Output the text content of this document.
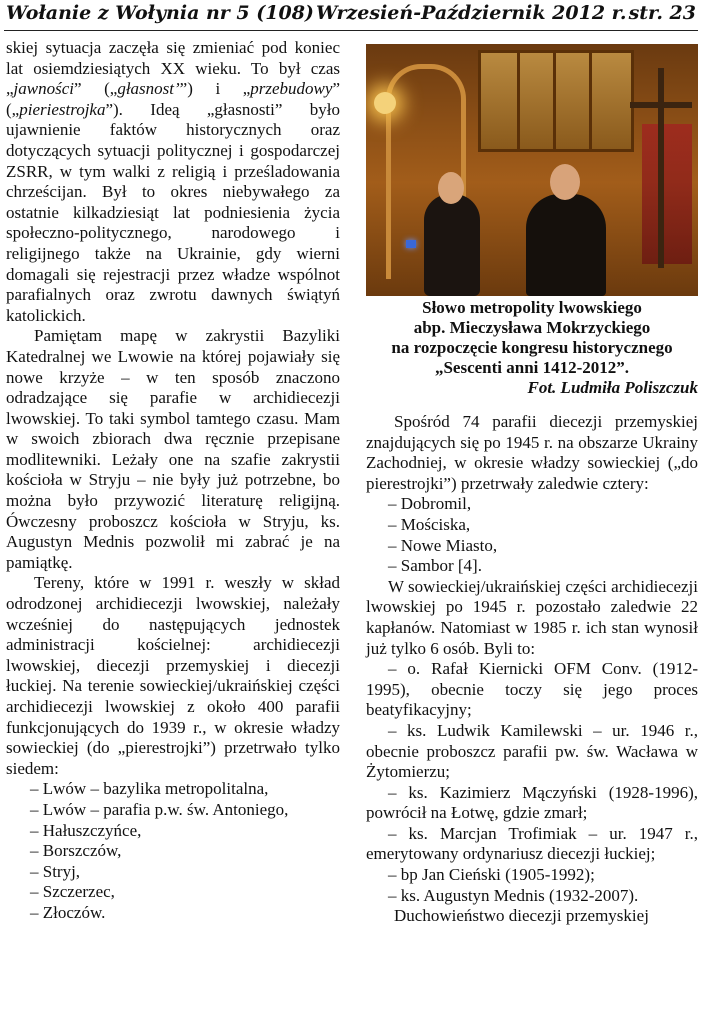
Wołanie z Wołynia nr 5 (108) Wrzesień-Październik 2012 r. str. 23

skiej sytuacja zaczęła się zmieniać pod koniec lat osiemdziesiątych XX wieku. To był czas „jawności” („głasnost’”) i „przebudowy” („pieriestrojka”). Ideą „głasnosti” było ujawnienie faktów historycznych oraz dotyczących sytuacji politycznej i gospodarczej ZSRR, w tym walki z religią i prześladowania chrześcijan. Był to okres niebywałego za ostatnie kilkadziesiąt lat podniesienia życia społeczno-politycznego, narodowego i religijnego także na Ukrainie, gdy wierni domagali się rejestracji przez władze wspólnot parafialnych oraz zwrotu dawnych świątyń katolickich.

Pamiętam mapę w zakrystii Bazyliki Katedralnej we Lwowie na której pojawiały się nowe krzyże – w ten sposób znaczono odradzające się parafie w archidiecezji lwowskiej. To taki symbol tamtego czasu. Mam w swoich zbiorach dwa ręcznie przepisane modlitewniki. Leżały one na szafie zakrystii kościoła w Stryju – nie były już potrzebne, bo można było przywozić literaturę religijną. Ówczesny proboszcz kościoła w Stryju, ks. Augustyn Mednis pozwolił mi zabrać je na pamiątkę.

Tereny, które w 1991 r. weszły w skład odrodzonej archidiecezji lwowskiej, należały wcześniej do następujących jednostek administracji kościelnej: archidiecezji lwowskiej, diecezji przemyskiej i diecezji łuckiej. Na terenie sowieckiej/ukraińskiej części archidiecezji lwowskiej z około 400 parafii funkcjonujących do 1939 r., w okresie władzy sowieckiej (do „pierestrojki”) przetrwało tylko siedem:

– Lwów – bazylika metropolitalna,
– Lwów – parafia p.w. św. Antoniego,
– Hałuszczyńce,
– Borszczów,
– Stryj,
– Szczerzec,
– Złoczów.
Słowo metropolity lwowskiego
abp. Mieczysława Mokrzyckiego
na rozpoczęcie kongresu historycznego
„Sescenti anni 1412-2012”.
Fot. Ludmiła Poliszczuk

Spośród 74 parafii diecezji przemyskiej znajdujących się po 1945 r. na obszarze Ukrainy Zachodniej, w okresie władzy sowieckiej („do pierestrojki”) przetrwały zaledwie cztery:

– Dobromil,
– Mościska,
– Nowe Miasto,
– Sambor [4].

W sowieckiej/ukraińskiej części archidiecezji lwowskiej po 1945 r. pozostało zaledwie 22 kapłanów. Natomiast w 1985 r. ich stan wynosił już tylko 6 osób. Byli to:

– o. Rafał Kiernicki OFM Conv. (1912-1995), obecnie toczy się jego proces beatyfikacyjny;

– ks. Ludwik Kamilewski – ur. 1946 r., obecnie proboszcz parafii pw. św. Wacława w Żytomierzu;

– ks. Kazimierz Mączyński (1928-1996), powrócił na Łotwę, gdzie zmarł;

– ks. Marcjan Trofimiak – ur. 1947 r., emerytowany ordynariusz diecezji łuckiej;

– bp Jan Cieński (1905-1992);

– ks. Augustyn Mednis (1932-2007).

Duchowieństwo diecezji przemyskiej
